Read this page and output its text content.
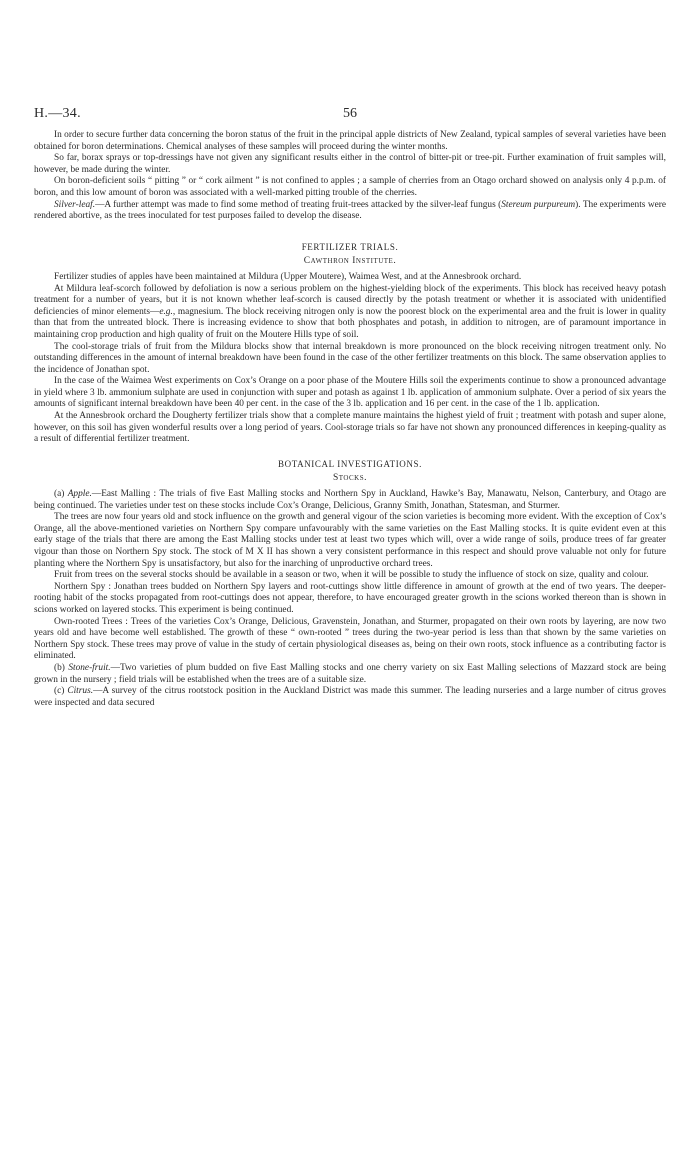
H.—34.	56

In order to secure further data concerning the boron status of the fruit in the principal apple districts of New Zealand, typical samples of several varieties have been obtained for boron determinations. Chemical analyses of these samples will proceed during the winter months.

So far, borax sprays or top-dressings have not given any significant results either in the control of bitter-pit or tree-pit. Further examination of fruit samples will, however, be made during the winter.

On boron-deficient soils “ pitting ” or “ cork ailment ” is not confined to apples ; a sample of cherries from an Otago orchard showed on analysis only 4 p.p.m. of boron, and this low amount of boron was associated with a well-marked pitting trouble of the cherries.

Silver-leaf.—A further attempt was made to find some method of treating fruit-trees attacked by the silver-leaf fungus (Stereum purpureum). The experiments were rendered abortive, as the trees inoculated for test purposes failed to develop the disease.

FERTILIZER TRIALS.
Cawthron Institute.

Fertilizer studies of apples have been maintained at Mildura (Upper Moutere), Waimea West, and at the Annesbrook orchard.

At Mildura leaf-scorch followed by defoliation is now a serious problem on the highest-yielding block of the experiments. This block has received heavy potash treatment for a number of years, but it is not known whether leaf-scorch is caused directly by the potash treatment or whether it is associated with unidentified deficiencies of minor elements—e.g., magnesium. The block receiving nitrogen only is now the poorest block on the experimental area and the fruit is lower in quality than that from the untreated block. There is increasing evidence to show that both phosphates and potash, in addition to nitrogen, are of paramount importance in maintaining crop production and high quality of fruit on the Moutere Hills type of soil.

The cool-storage trials of fruit from the Mildura blocks show that internal breakdown is more pronounced on the block receiving nitrogen treatment only. No outstanding differences in the amount of internal breakdown have been found in the case of the other fertilizer treatments on this block. The same observation applies to the incidence of Jonathan spot.

In the case of the Waimea West experiments on Cox’s Orange on a poor phase of the Moutere Hills soil the experiments continue to show a pronounced advantage in yield where 3 lb. ammonium sulphate are used in conjunction with super and potash as against 1 lb. application of ammonium sulphate. Over a period of six years the amounts of significant internal breakdown have been 40 per cent. in the case of the 3 lb. application and 16 per cent. in the case of the 1 lb. application.

At the Annesbrook orchard the Dougherty fertilizer trials show that a complete manure maintains the highest yield of fruit ; treatment with potash and super alone, however, on this soil has given wonderful results over a long period of years. Cool-storage trials so far have not shown any pronounced differences in keeping-quality as a result of differential fertilizer treatment.

BOTANICAL INVESTIGATIONS.
Stocks.

(a) Apple.—East Malling : The trials of five East Malling stocks and Northern Spy in Auckland, Hawke’s Bay, Manawatu, Nelson, Canterbury, and Otago are being continued. The varieties under test on these stocks include Cox’s Orange, Delicious, Granny Smith, Jonathan, Statesman, and Sturmer.

The trees are now four years old and stock influence on the growth and general vigour of the scion varieties is becoming more evident. With the exception of Cox’s Orange, all the above-mentioned varieties on Northern Spy compare unfavourably with the same varieties on the East Malling stocks. It is quite evident even at this early stage of the trials that there are among the East Malling stocks under test at least two types which will, over a wide range of soils, produce trees of far greater vigour than those on Northern Spy stock. The stock of M X II has shown a very consistent performance in this respect and should prove valuable not only for future planting where the Northern Spy is unsatisfactory, but also for the inarching of unproductive orchard trees.

Fruit from trees on the several stocks should be available in a season or two, when it will be possible to study the influence of stock on size, quality and colour.

Northern Spy : Jonathan trees budded on Northern Spy layers and root-cuttings show little difference in amount of growth at the end of two years. The deeper-rooting habit of the stocks propagated from root-cuttings does not appear, therefore, to have encouraged greater growth in the scions worked thereon than is shown in scions worked on layered stocks. This experiment is being continued.

Own-rooted Trees : Trees of the varieties Cox’s Orange, Delicious, Gravenstein, Jonathan, and Sturmer, propagated on their own roots by layering, are now two years old and have become well established. The growth of these “ own-rooted ” trees during the two-year period is less than that shown by the same varieties on Northern Spy stock. These trees may prove of value in the study of certain physiological diseases as, being on their own roots, stock influence as a contributing factor is eliminated.

(b) Stone-fruit.—Two varieties of plum budded on five East Malling stocks and one cherry variety on six East Malling selections of Mazzard stock are being grown in the nursery ; field trials will be established when the trees are of a suitable size.

(c) Citrus.—A survey of the citrus rootstock position in the Auckland District was made this summer. The leading nurseries and a large number of citrus groves were inspected and data secured
